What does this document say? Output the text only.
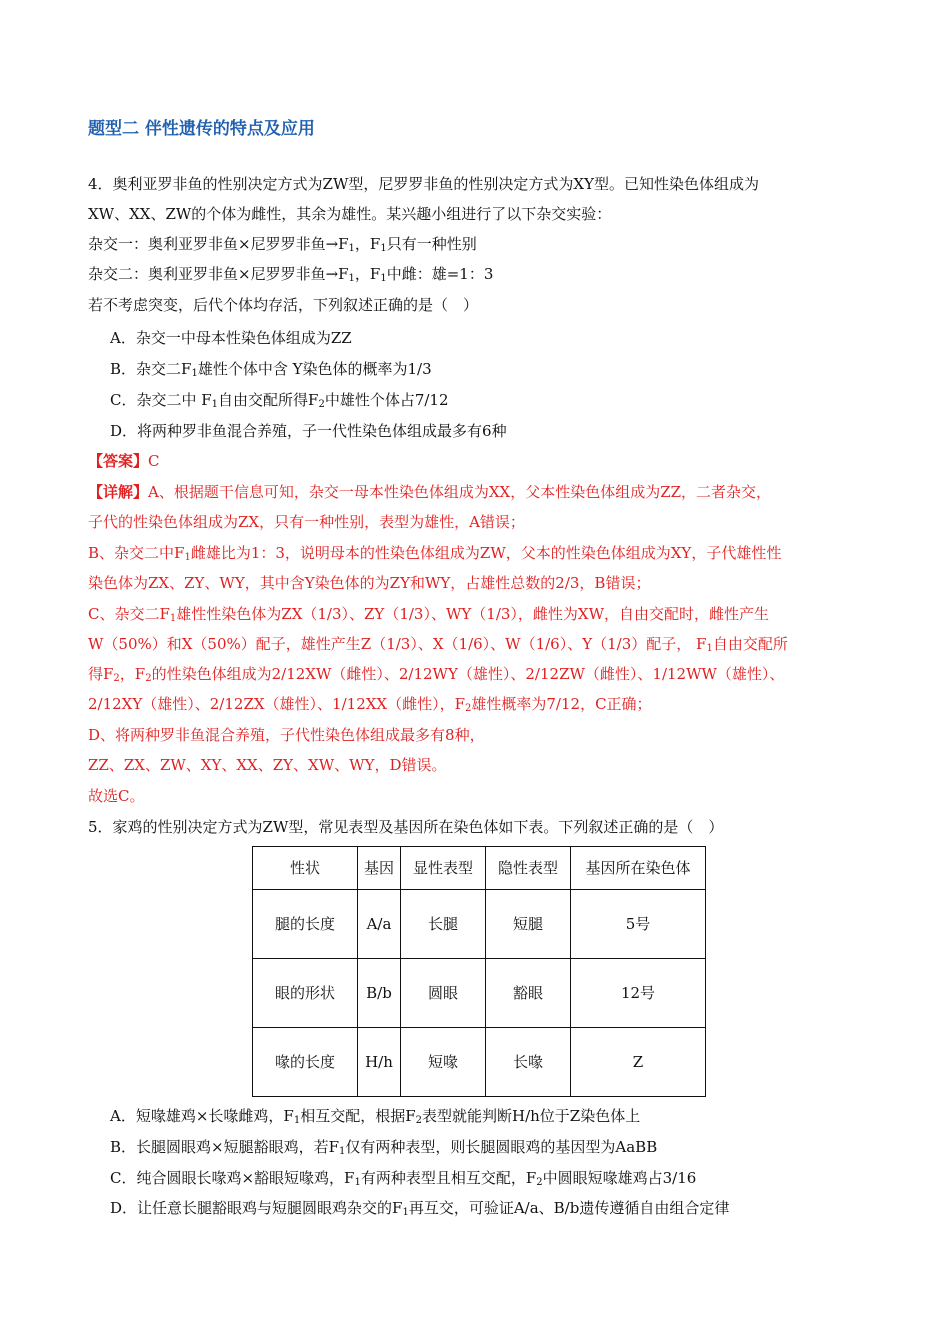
题型二 伴性遗传的特点及应用
4．奥利亚罗非鱼的性别决定方式为ZW型，尼罗罗非鱼的性别决定方式为XY型。已知性染色体组成为
XW、XX、ZW的个体为雌性，其余为雄性。某兴趣小组进行了以下杂交实验：
杂交一：奥利亚罗非鱼×尼罗罗非鱼$\to F_1$，$F_1$只有一种性别
杂交二：奥利亚罗非鱼×尼罗罗非鱼$\to F_1$，$F_1$中雌：雄=1：3
若不考虑突变，后代个体均存活，下列叙述正确的是（　）
A．杂交一中母本性染色体组成为ZZ
B．杂交二$F_1$雄性个体中含 Y染色体的概率为1/3
C．杂交二中 $F_1$自由交配所得$F_2$中雄性个体占7/12
D．将两种罗非鱼混合养殖，子一代性染色体组成最多有6种
【答案】C
【详解】A、根据题干信息可知，杂交一母本性染色体组成为XX，父本性染色体组成为ZZ，二者杂交，
子代的性染色体组成为ZX，只有一种性别，表型为雄性，A错误；
B、杂交二中$F_1$雌雄比为1：3，说明母本的性染色体组成为ZW，父本的性染色体组成为XY，子代雄性性
染色体为ZX、ZY、WY，其中含Y染色体的为ZY和WY，占雄性总数的2/3，B错误；
C、杂交二$F_1$雄性性染色体为ZX（1/3）、ZY（1/3）、WY（1/3），雌性为XW，自由交配时，雌性产生
W（50%）和X（50%）配子，雄性产生Z（1/3）、X（1/6）、W（1/6）、Y（1/3）配子， $F_1$自由交配所
得$F_2$，$F_2$的性染色体组成为2/12XW（雌性）、2/12WY（雄性）、2/12ZW（雌性）、1/12WW（雄性）、
2/12XY（雄性）、2/12ZX（雄性）、1/12XX（雌性），$F_2$雄性概率为7/12，C正确；
D、将两种罗非鱼混合养殖，子代性染色体组成最多有8种，
ZZ、ZX、ZW、XY、XX、ZY、XW、WY，D错误。
故选C。
5．家鸡的性别决定方式为ZW型，常见表型及基因所在染色体如下表。下列叙述正确的是（　）
性状	基因	显性表型	隐性表型	基因所在染色体
腿的长度	A/a	长腿	短腿	5号
眼的形状	B/b	圆眼	豁眼	12号
喙的长度	H/h	短喙	长喙	Z
A．短喙雄鸡×长喙雌鸡，$F_1$相互交配，根据$F_2$表型就能判断H/h位于Z染色体上
B．长腿圆眼鸡×短腿豁眼鸡，若$F_1$仅有两种表型，则长腿圆眼鸡的基因型为AaBB
C．纯合圆眼长喙鸡×豁眼短喙鸡，$F_1$有两种表型且相互交配，$F_2$中圆眼短喙雄鸡占3/16
D．让任意长腿豁眼鸡与短腿圆眼鸡杂交的$F_1$再互交，可验证A/a、B/b遗传遵循自由组合定律
